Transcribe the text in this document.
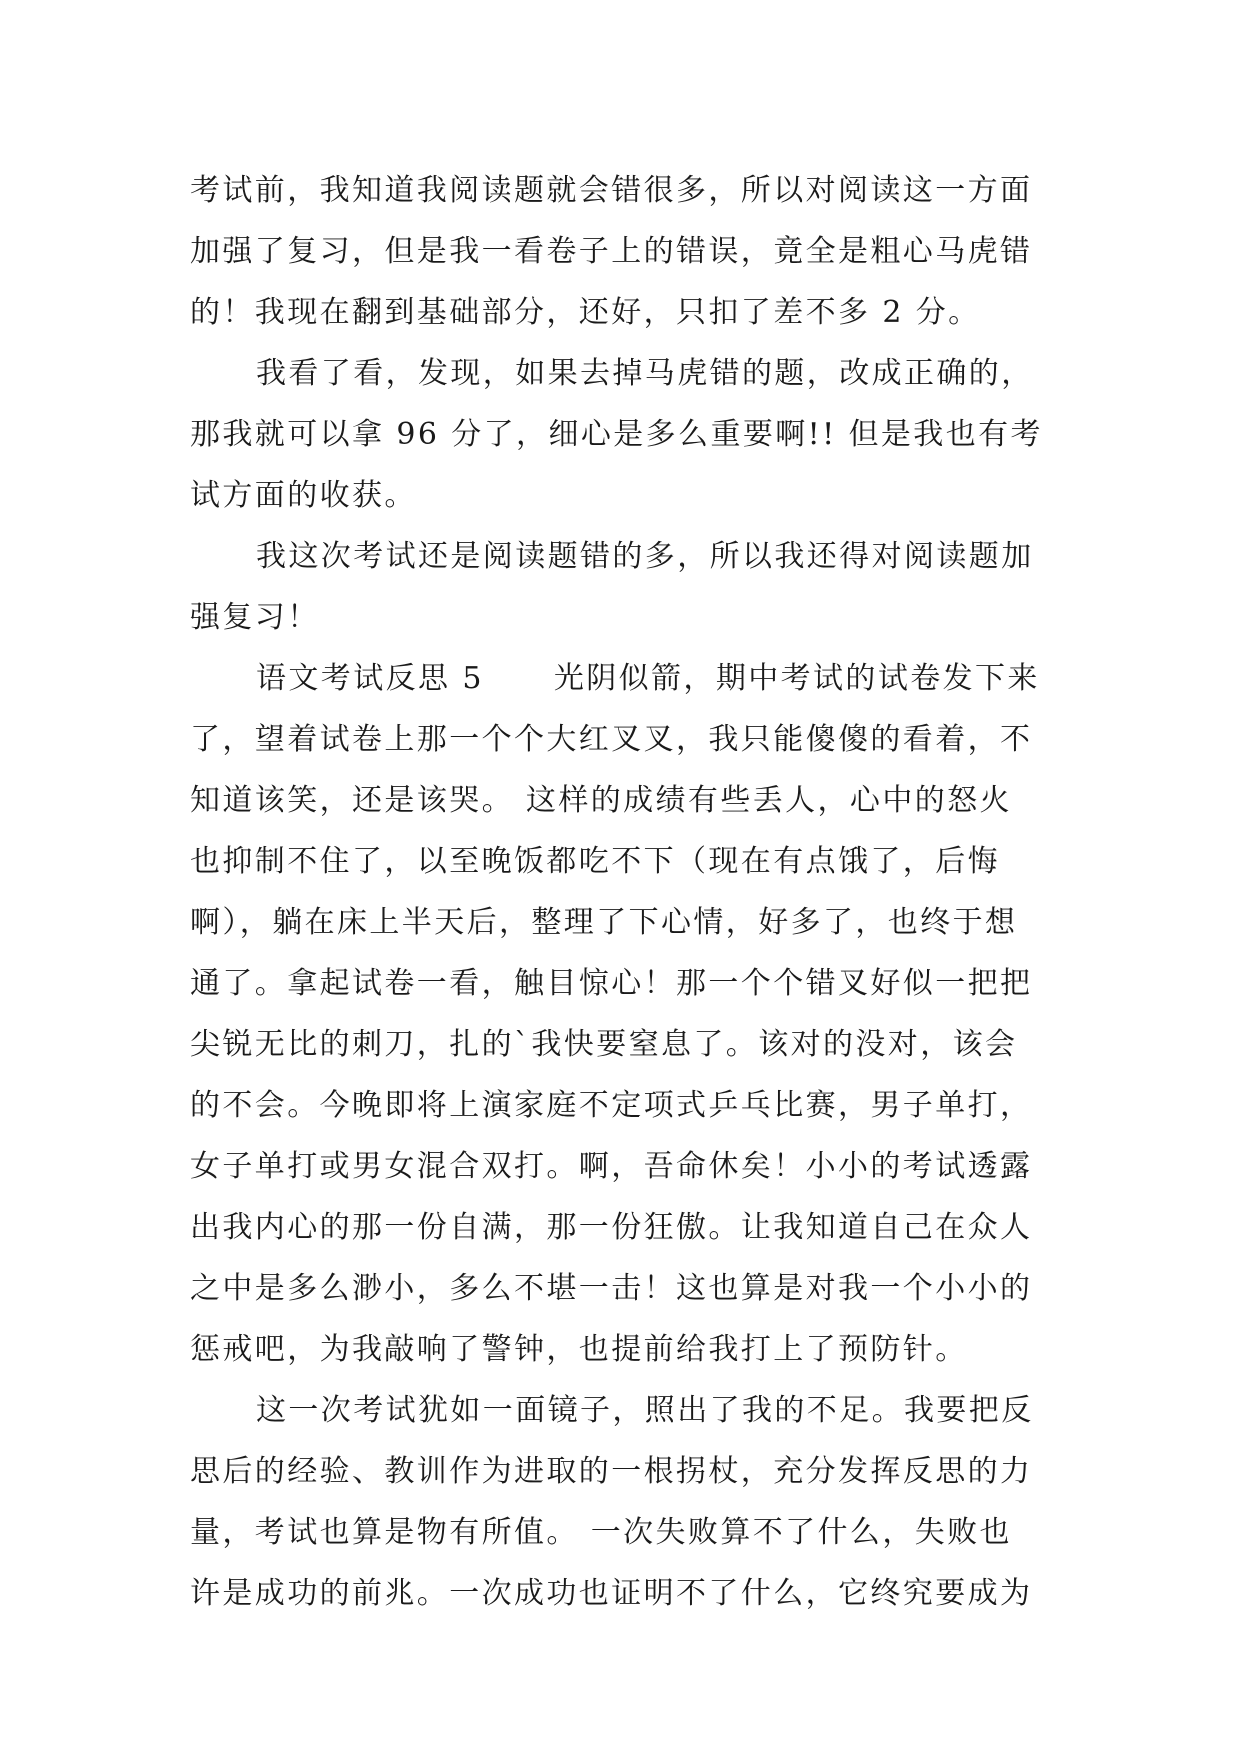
考试前，我知道我阅读题就会错很多，所以对阅读这一方面
加强了复习，但是我一看卷子上的错误，竟全是粗心马虎错
的！我现在翻到基础部分，还好，只扣了差不多 2 分。
我看了看，发现，如果去掉马虎错的题，改成正确的，
那我就可以拿 96 分了，细心是多么重要啊!! 但是我也有考
试方面的收获。
我这次考试还是阅读题错的多，所以我还得对阅读题加
强复习！
语文考试反思 5 光阴似箭，期中考试的试卷发下来
了，望着试卷上那一个个大红叉叉，我只能傻傻的看着，不
知道该笑，还是该哭。 这样的成绩有些丢人，心中的怒火
也抑制不住了，以至晚饭都吃不下（现在有点饿了，后悔
啊），躺在床上半天后，整理了下心情，好多了，也终于想
通了。拿起试卷一看，触目惊心！那一个个错叉好似一把把
尖锐无比的刺刀，扎的`我快要窒息了。该对的没对，该会
的不会。今晚即将上演家庭不定项式乒乓比赛，男子单打，
女子单打或男女混合双打。啊，吾命休矣！小小的考试透露
出我内心的那一份自满，那一份狂傲。让我知道自己在众人
之中是多么渺小，多么不堪一击！这也算是对我一个小小的
惩戒吧，为我敲响了警钟，也提前给我打上了预防针。
这一次考试犹如一面镜子，照出了我的不足。我要把反
思后的经验、教训作为进取的一根拐杖，充分发挥反思的力
量，考试也算是物有所值。 一次失败算不了什么，失败也
许是成功的前兆。一次成功也证明不了什么，它终究要成为
